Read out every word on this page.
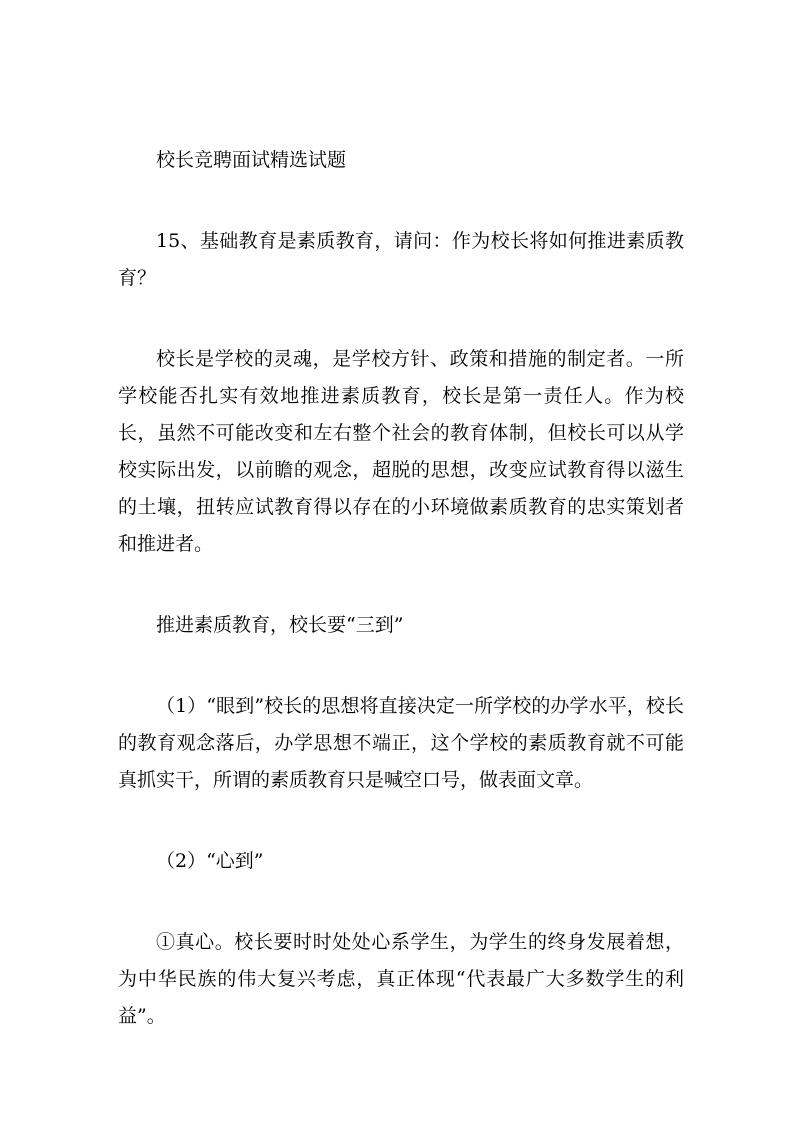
校长竞聘面试精选试题

15、基础教育是素质教育，请问：作为校长将如何推进素质教育？

校长是学校的灵魂，是学校方针、政策和措施的制定者。一所学校能否扎实有效地推进素质教育，校长是第一责任人。作为校长，虽然不可能改变和左右整个社会的教育体制，但校长可以从学校实际出发，以前瞻的观念，超脱的思想，改变应试教育得以滋生的土壤，扭转应试教育得以存在的小环境做素质教育的忠实策划者和推进者。

推进素质教育，校长要“三到”

（1）“眼到”校长的思想将直接决定一所学校的办学水平，校长的教育观念落后，办学思想不端正，这个学校的素质教育就不可能真抓实干，所谓的素质教育只是喊空口号，做表面文章。

（2）“心到”

①真心。校长要时时处处心系学生，为学生的终身发展着想，为中华民族的伟大复兴考虑，真正体现“代表最广大多数学生的利益”。
